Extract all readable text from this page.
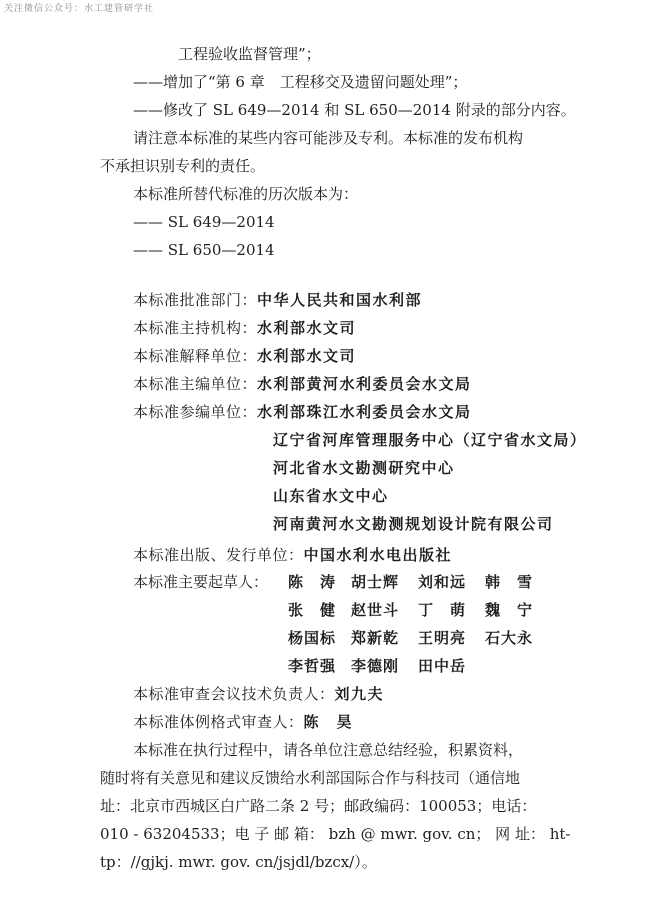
关注微信公众号：水工建管研学社
工程验收监督管理”；
——增加了“第 6 章　工程移交及遗留问题处理”；
——修改了 SL 649—2014 和 SL 650—2014 附录的部分内容。
请注意本标准的某些内容可能涉及专利。本标准的发布机构
不承担识别专利的责任。
本标准所替代标准的历次版本为：
—— SL 649—2014
—— SL 650—2014
本标准批准部门：中华人民共和国水利部
本标准主持机构：水利部水文司
本标准解释单位：水利部水文司
本标准主编单位：水利部黄河水利委员会水文局
本标准参编单位：水利部珠江水利委员会水文局
辽宁省河库管理服务中心（辽宁省水文局）
河北省水文勘测研究中心
山东省水文中心
河南黄河水文勘测规划设计院有限公司
本标准出版、发行单位：中国水利水电出版社
本标准主要起草人： 陈　涛 胡士辉 刘和远 韩　雪
张　健 赵世斗 丁　萌 魏　宁
杨国标 郑新乾 王明亮 石大永
李哲强 李德刚 田中岳
本标准审查会议技术负责人：刘九夫
本标准体例格式审查人：陈　昊
本标准在执行过程中，请各单位注意总结经验，积累资料，
随时将有关意见和建议反馈给水利部国际合作与科技司（通信地
址：北京市西城区白广路二条 2 号；邮政编码：100053；电话：
010 - 63204533；电 子 邮 箱： bzh @ mwr. gov. cn； 网 址： ht-
tp：//gjkj. mwr. gov. cn/jsjdl/bzcx/）。
